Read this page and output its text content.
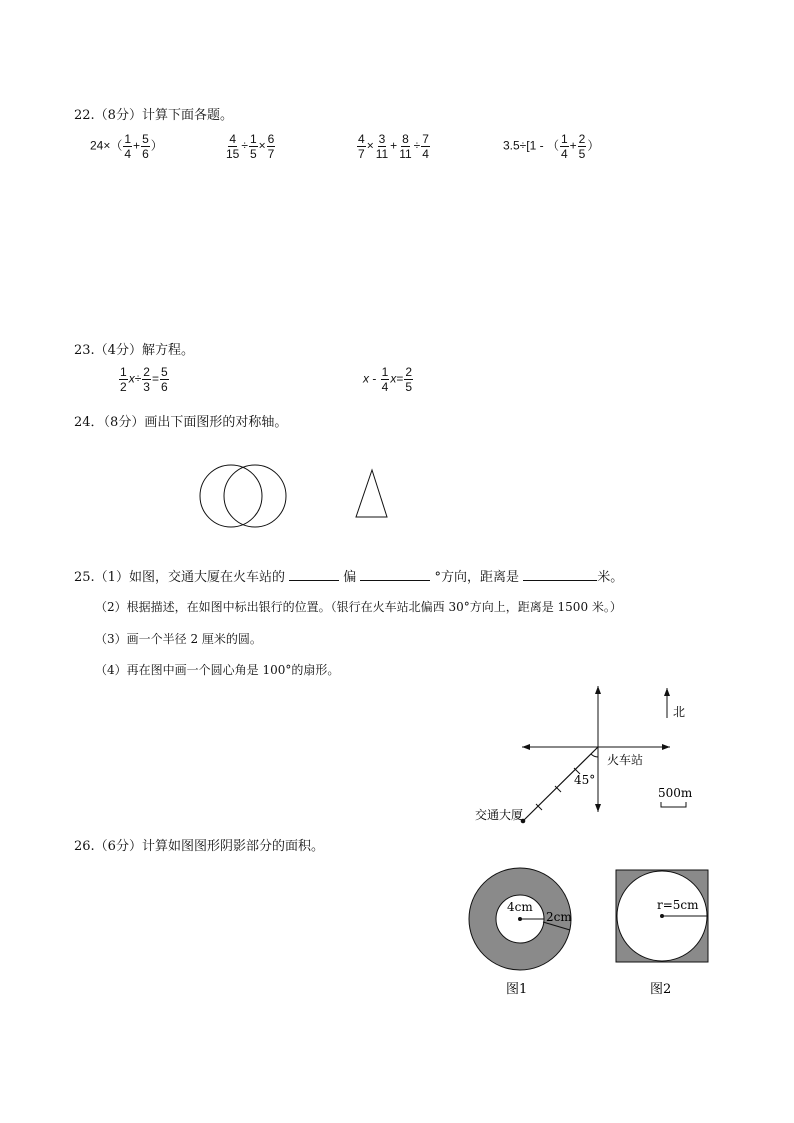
22.（8分）计算下面各题。
$24\times( \frac{1}{4} + \frac{5}{6}$ ）	$\frac{4}{15} \div \frac{1}{5} \times \frac{6}{7}$	$\frac{4}{7} \times \frac{3}{11} + \frac{8}{11} \div \frac{7}{4}$	3.5÷[1 - （ $\frac{1}{4} + \frac{2}{5}$ ）
23.（4分）解方程。
$\frac{1}{2} x\div \frac{2}{3} = \frac{5}{6}$	$x - \frac{1}{4} x= \frac{2}{5}$
24．（8分）画出下面图形的对称轴。
25.（1）如图，交通大厦在火车站的	偏	°方向，距离是	米。
（2）根据描述，在如图中标出银行的位置。（银行在火车站北偏西 30°方向上，距离是 1500 米。）
（3）画一个半径 2 厘米的圆。
（4）再在图中画一个圆心角是 100°的扇形。
北
火车站
45°
交通大厦
500m
26.（6分）计算如图图形阴影部分的面积。
4cm
2cm
图1
r=5cm
图2
